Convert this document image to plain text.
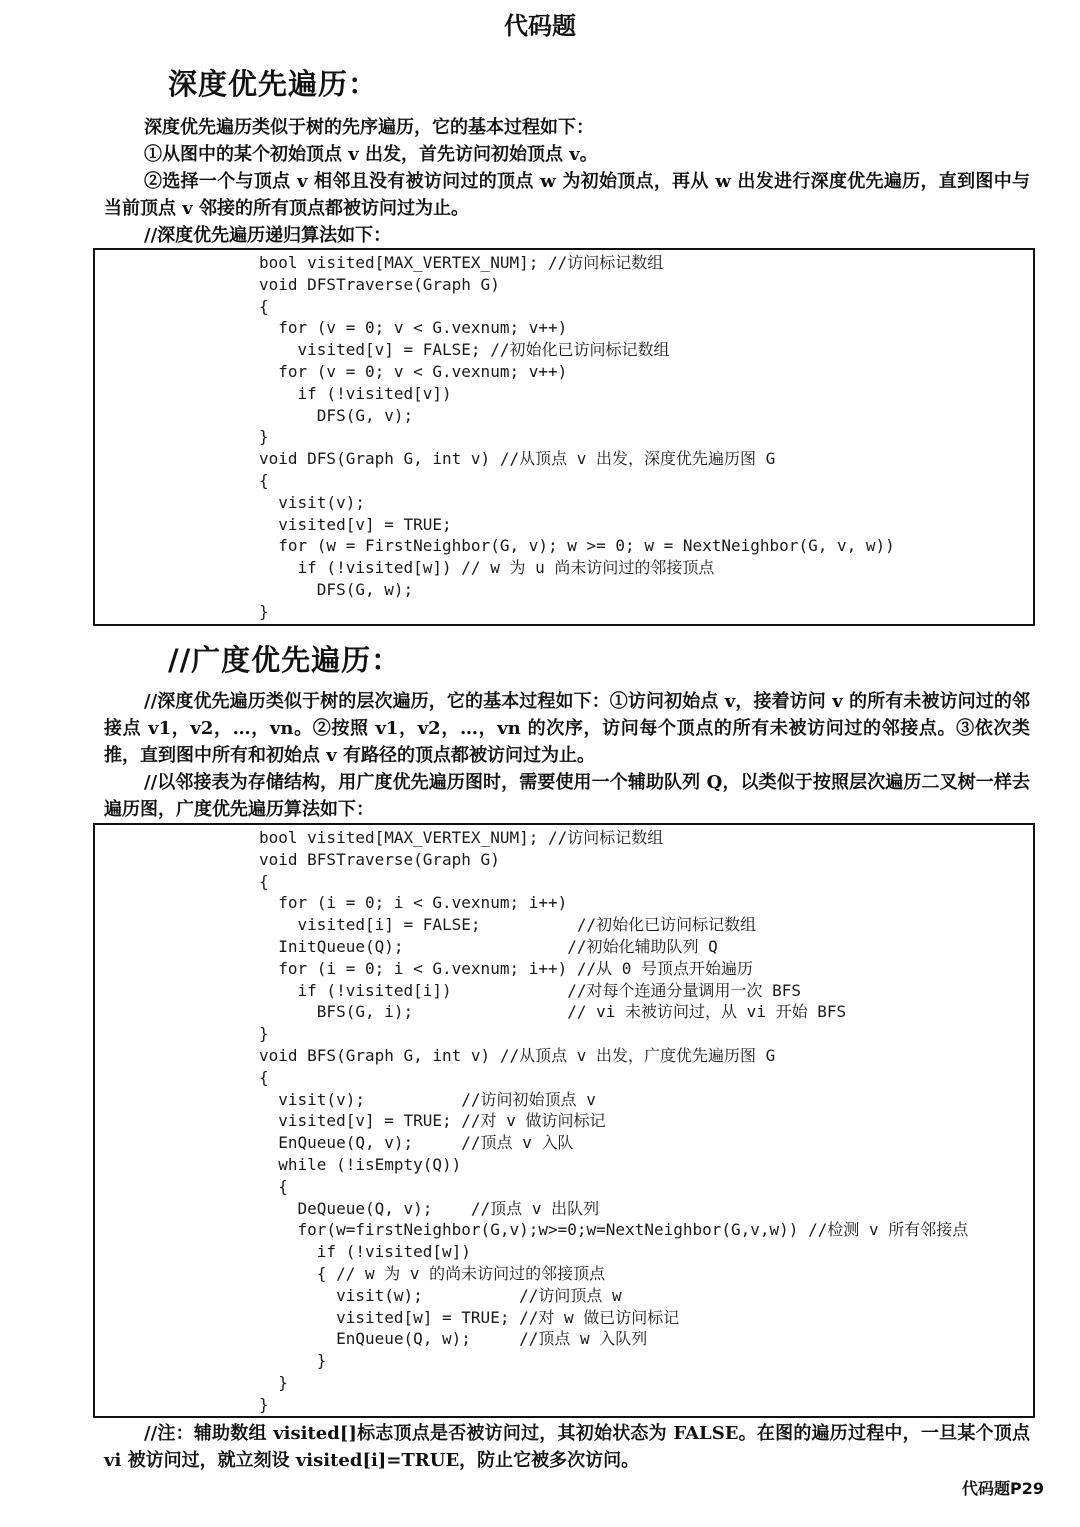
代码题
深度优先遍历：

深度优先遍历类似于树的先序遍历，它的基本过程如下：

①从图中的某个初始顶点 v 出发，首先访问初始顶点 v。

②选择一个与顶点 v 相邻且没有被访问过的顶点 w 为初始顶点，再从 w 出发进行深度优先遍历，直到图中与当前顶点 v 邻接的所有顶点都被访问过为止。

//深度优先遍历递归算法如下：

bool visited[MAX_VERTEX_NUM]; //访问标记数组
void DFSTraverse(Graph G)
{
for (v = 0; v < G.vexnum; v++)
visited[v] = FALSE; //初始化已访问标记数组
for (v = 0; v < G.vexnum; v++)
if (!visited[v])
DFS(G, v);
}
void DFS(Graph G, int v) //从顶点 v 出发，深度优先遍历图 G
{
visit(v);
visited[v] = TRUE;
for (w = FirstNeighbor(G, v); w >= 0; w = NextNeighbor(G, v, w))
if (!visited[w]) // w 为 u 尚未访问过的邻接顶点
DFS(G, w);
}
//广度优先遍历：

//深度优先遍历类似于树的层次遍历，它的基本过程如下：①访问初始点 v，接着访问 v 的所有未被访问过的邻接点 v1，v2，…，vn。②按照 v1，v2，…，vn 的次序，访问每个顶点的所有未被访问过的邻接点。③依次类推，直到图中所有和初始点 v 有路径的顶点都被访问过为止。

//以邻接表为存储结构，用广度优先遍历图时，需要使用一个辅助队列 Q，以类似于按照层次遍历二叉树一样去遍历图，广度优先遍历算法如下：

bool visited[MAX_VERTEX_NUM]; //访问标记数组
void BFSTraverse(Graph G)
{
for (i = 0; i < G.vexnum; i++)
visited[i] = FALSE;          //初始化已访问标记数组
InitQueue(Q);                 //初始化辅助队列 Q
for (i = 0; i < G.vexnum; i++) //从 0 号顶点开始遍历
if (!visited[i])            //对每个连通分量调用一次 BFS
BFS(G, i);                // vi 未被访问过，从 vi 开始 BFS
}
void BFS(Graph G, int v) //从顶点 v 出发，广度优先遍历图 G
{
visit(v);          //访问初始顶点 v
visited[v] = TRUE; //对 v 做访问标记
EnQueue(Q, v);     //顶点 v 入队
while (!isEmpty(Q))
{
DeQueue(Q, v);    //顶点 v 出队列
for(w=firstNeighbor(G,v);w>=0;w=NextNeighbor(G,v,w)) //检测 v 所有邻接点
if (!visited[w])
{ // w 为 v 的尚未访问过的邻接顶点
visit(w);          //访问顶点 w
visited[w] = TRUE; //对 w 做已访问标记
EnQueue(Q, w);     //顶点 w 入队列
}
}
}

//注：辅助数组 visited[]标志顶点是否被访问过，其初始状态为 FALSE。在图的遍历过程中，一旦某个顶点 vi 被访问过，就立刻设 visited[i]=TRUE，防止它被多次访问。

代码题P29
